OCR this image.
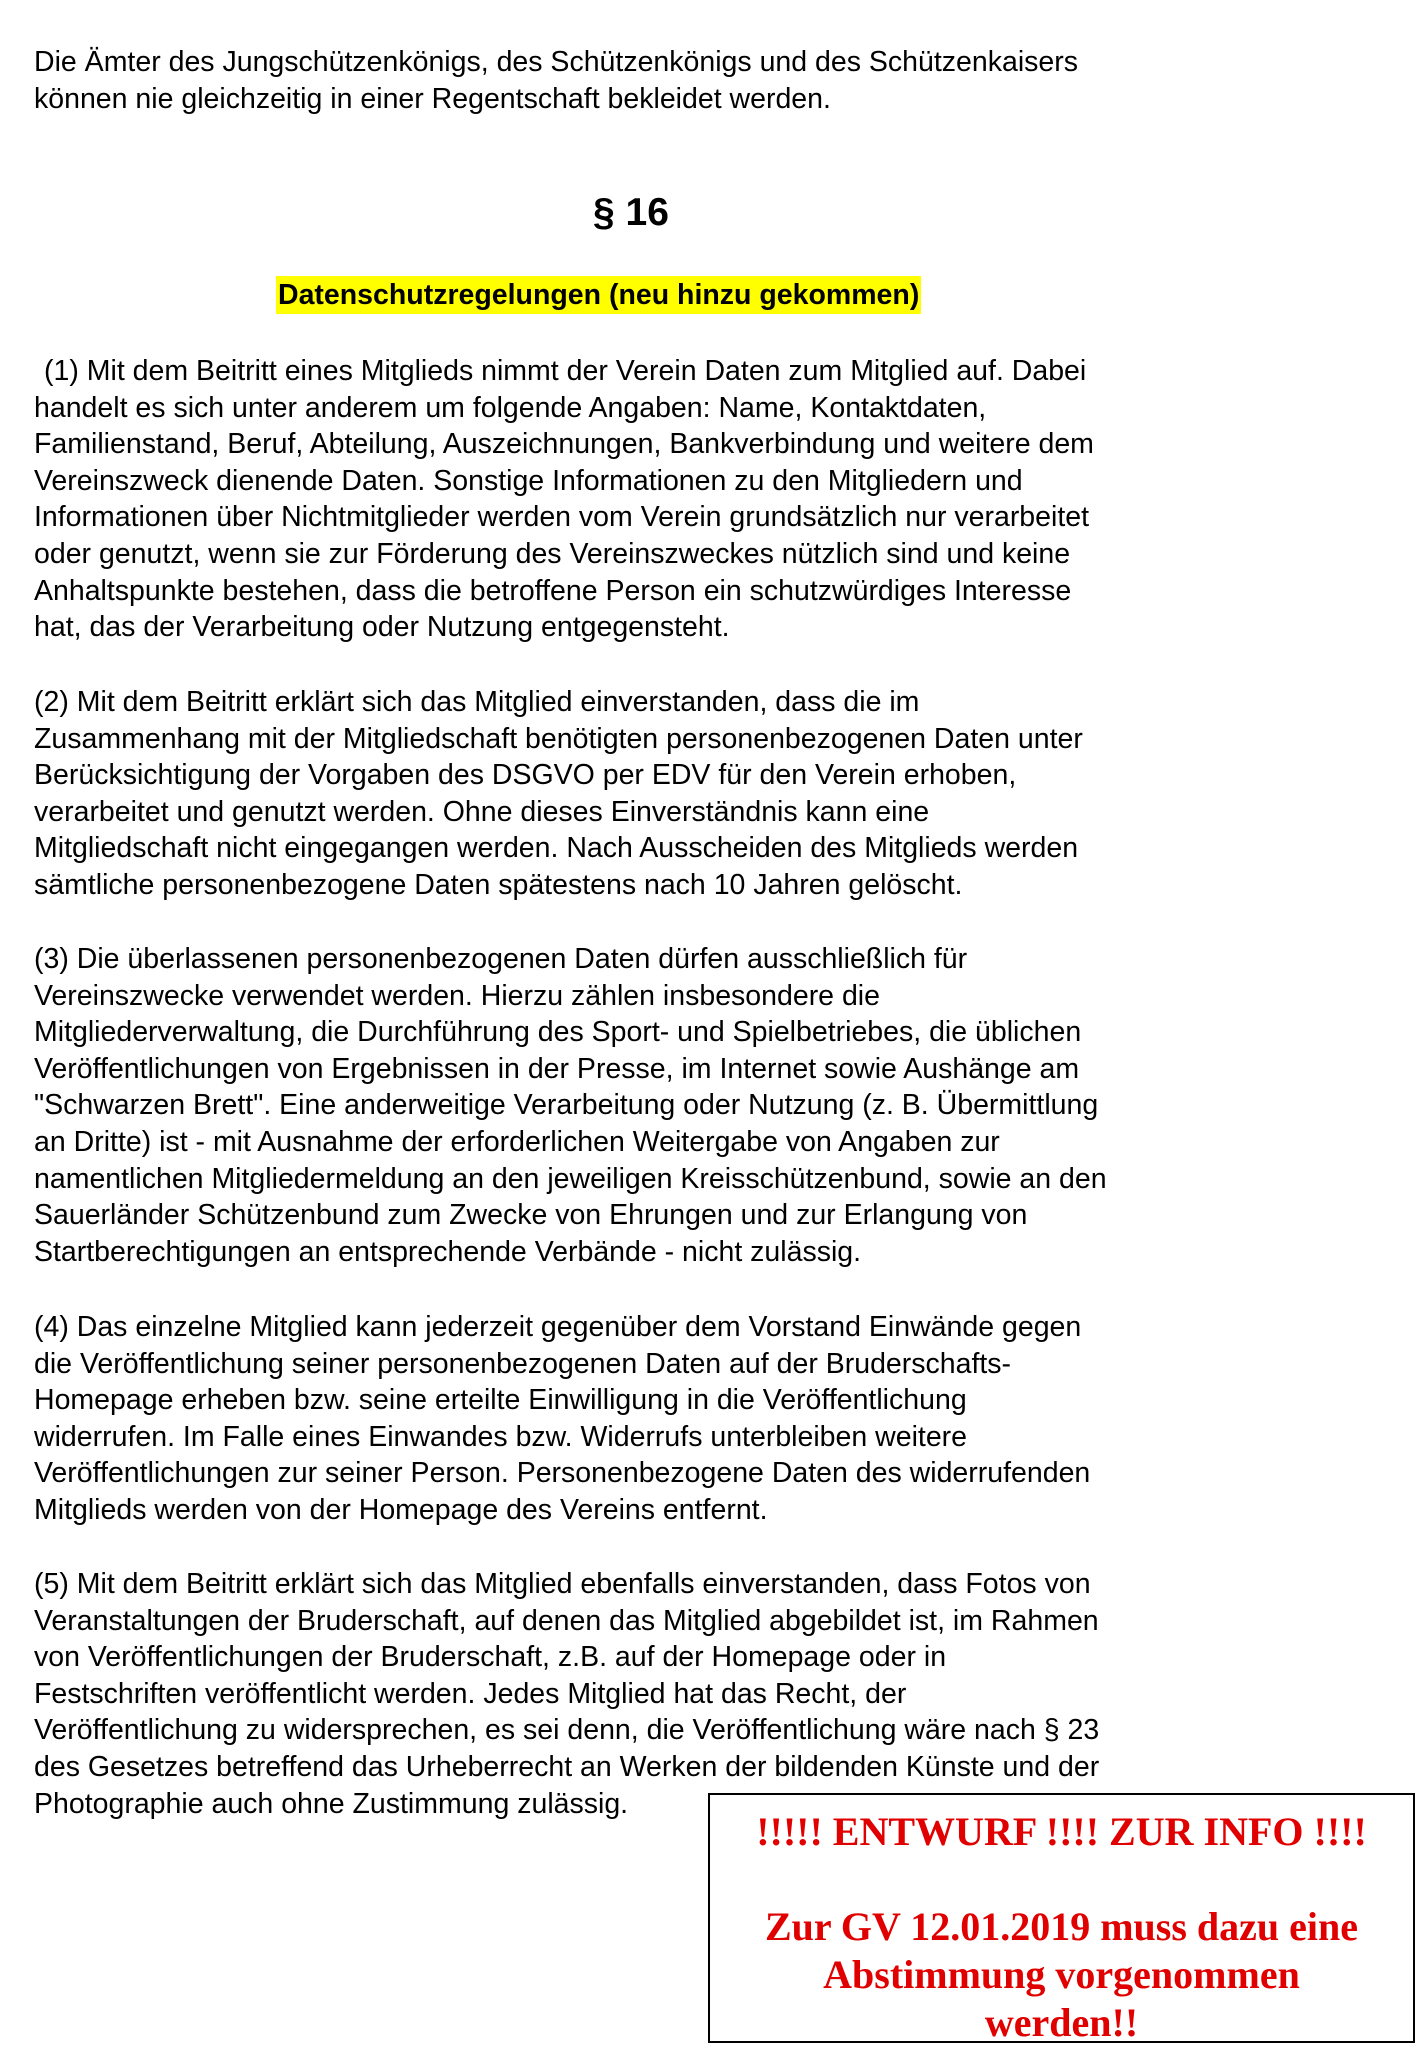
Die Ämter des Jungschützenkönigs, des Schützenkönigs und des Schützenkaisers
können nie gleichzeitig in einer Regentschaft bekleidet werden.

§ 16
Datenschutzregelungen (neu hinzu gekommen)

(1) Mit dem Beitritt eines Mitglieds nimmt der Verein Daten zum Mitglied auf. Dabei
handelt es sich unter anderem um folgende Angaben: Name, Kontaktdaten,
Familienstand, Beruf, Abteilung, Auszeichnungen, Bankverbindung und weitere dem
Vereinszweck dienende Daten. Sonstige Informationen zu den Mitgliedern und
Informationen über Nichtmitglieder werden vom Verein grundsätzlich nur verarbeitet
oder genutzt, wenn sie zur Förderung des Vereinszweckes nützlich sind und keine
Anhaltspunkte bestehen, dass die betroffene Person ein schutzwürdiges Interesse
hat, das der Verarbeitung oder Nutzung entgegensteht.

(2) Mit dem Beitritt erklärt sich das Mitglied einverstanden, dass die im
Zusammenhang mit der Mitgliedschaft benötigten personenbezogenen Daten unter
Berücksichtigung der Vorgaben des DSGVO per EDV für den Verein erhoben,
verarbeitet und genutzt werden. Ohne dieses Einverständnis kann eine
Mitgliedschaft nicht eingegangen werden. Nach Ausscheiden des Mitglieds werden
sämtliche personenbezogene Daten spätestens nach 10 Jahren gelöscht.

(3) Die überlassenen personenbezogenen Daten dürfen ausschließlich für
Vereinszwecke verwendet werden. Hierzu zählen insbesondere die
Mitgliederverwaltung, die Durchführung des Sport- und Spielbetriebes, die üblichen
Veröffentlichungen von Ergebnissen in der Presse, im Internet sowie Aushänge am
"Schwarzen Brett". Eine anderweitige Verarbeitung oder Nutzung (z. B. Übermittlung
an Dritte) ist - mit Ausnahme der erforderlichen Weitergabe von Angaben zur
namentlichen Mitgliedermeldung an den jeweiligen Kreisschützenbund, sowie an den
Sauerländer Schützenbund zum Zwecke von Ehrungen und zur Erlangung von
Startberechtigungen an entsprechende Verbände - nicht zulässig.

(4) Das einzelne Mitglied kann jederzeit gegenüber dem Vorstand Einwände gegen
die Veröffentlichung seiner personenbezogenen Daten auf der Bruderschafts-
Homepage erheben bzw. seine erteilte Einwilligung in die Veröffentlichung
widerrufen. Im Falle eines Einwandes bzw. Widerrufs unterbleiben weitere
Veröffentlichungen zur seiner Person. Personenbezogene Daten des widerrufenden
Mitglieds werden von der Homepage des Vereins entfernt.

(5) Mit dem Beitritt erklärt sich das Mitglied ebenfalls einverstanden, dass Fotos von
Veranstaltungen der Bruderschaft, auf denen das Mitglied abgebildet ist, im Rahmen
von Veröffentlichungen der Bruderschaft, z.B. auf der Homepage oder in
Festschriften veröffentlicht werden. Jedes Mitglied hat das Recht, der
Veröffentlichung zu widersprechen, es sei denn, die Veröffentlichung wäre nach § 23
des Gesetzes betreffend das Urheberrecht an Werken der bildenden Künste und der
Photographie auch ohne Zustimmung zulässig.

!!!!! ENTWURF !!!! ZUR INFO !!!!
Zur GV 12.01.2019 muss dazu eine
Abstimmung vorgenommen
werden!!
